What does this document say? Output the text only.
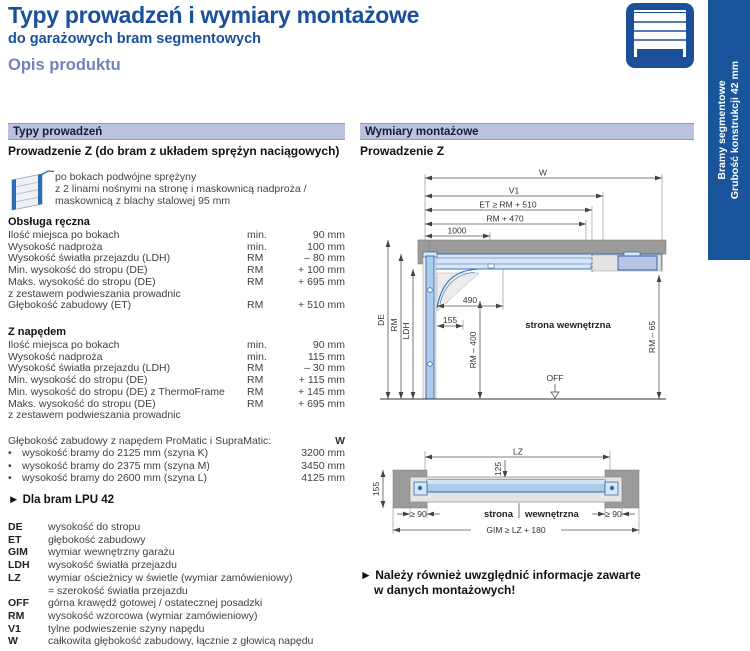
Typy prowadzeń i wymiary montażowe
do garażowych bram segmentowych
Opis produktu
Bramy segmentowe Grubość konstrukcji 42 mm
Typy prowadzeń
Prowadzenie Z (do bram z układem sprężyn naciągowych)
po bokach podwójne sprężyny
z 2 linami nośnymi na stronę i maskownicą nadproża /
maskownicą z blachy stalowej 95 mm
Obsługa ręczna
Ilość miejsca po bokach	min.	90 mm
Wysokość nadproża	min.	100 mm
Wysokość światła przejazdu (LDH)	RM	– 80 mm
Min. wysokość do stropu (DE)	RM	+ 100 mm
Maks. wysokość do stropu (DE)	RM	+ 695 mm
z zestawem podwieszania prowadnic
Głębokość zabudowy (ET)	RM	+ 510 mm
Z napędem
Ilość miejsca po bokach	min.	90 mm
Wysokość nadproża	min.	115 mm
Wysokość światła przejazdu (LDH)	RM	– 30 mm
Min. wysokość do stropu (DE)	RM	+ 115 mm
Min. wysokość do stropu (DE) z ThermoFrame	RM	+ 145 mm
Maks. wysokość do stropu (DE)	RM	+ 695 mm
z zestawem podwieszania prowadnic
Głębokość zabudowy z napędem ProMatic i SupraMatic:	W
• wysokość bramy do 2125 mm (szyna K)	3200 mm
• wysokość bramy do 2375 mm (szyna M)	3450 mm
• wysokość bramy do 2600 mm (szyna L)	4125 mm
► Dla bram LPU 42
DE	wysokość do stropu
ET	głębokość zabudowy
GIM	wymiar wewnętrzny garażu
LDH	wysokość światła przejazdu
LZ	wymiar ościeżnicy w świetle (wymiar zamówieniowy)
= szerokość światła przejazdu
OFF	górna krawędź gotowej / ostatecznej posadzki
RM	wysokość wzorcowa (wymiar zamówieniowy)
V1	tylne podwieszenie szyny napędu
W	całkowita głębokość zabudowy, łącznie z głowicą napędu
Wymiary montażowe
Prowadzenie Z
W
V1
ET ≥ RM + 510
RM + 470
1000
DE RM LDH
RM – 400	RM – 65
490
155	strona wewnętrzna
OFF
LZ
125
155
≥ 90	≥ 90
strona wewnętrzna
GIM ≥ LZ + 180
► Należy również uwzględnić informacje zawarte
w danych montażowych!
